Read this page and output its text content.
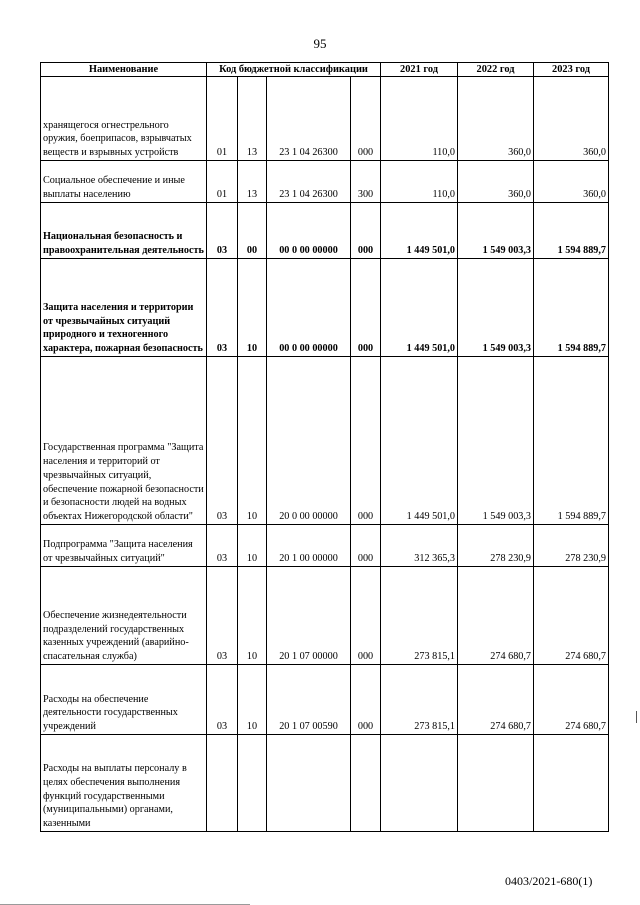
95
Наименование	Код бюджетной классификации				2021 год	2022 год	2023 год
хранящегося огнестрельного оружия, боеприпасов, взрывчатых веществ и взрывных устройств	01	13	23 1 04 26300	000	110,0	360,0	360,0
Социальное обеспечение и иные выплаты населению	01	13	23 1 04 26300	300	110,0	360,0	360,0
Национальная безопасность и правоохранительная деятельность	03	00	00 0 00 00000	000	1 449 501,0	1 549 003,3	1 594 889,7
Защита населения и территории от чрезвычайных ситуаций природного и техногенного характера, пожарная безопасность	03	10	00 0 00 00000	000	1 449 501,0	1 549 003,3	1 594 889,7
Государственная программа "Защита населения и территорий от чрезвычайных ситуаций, обеспечение пожарной безопасности и безопасности людей на водных объектах Нижегородской области"	03	10	20 0 00 00000	000	1 449 501,0	1 549 003,3	1 594 889,7
Подпрограмма "Защита населения от чрезвычайных ситуаций"	03	10	20 1 00 00000	000	312 365,3	278 230,9	278 230,9
Обеспечение жизнедеятельности подразделений государственных казенных учреждений (аварийно-спасательная служба)	03	10	20 1 07 00000	000	273 815,1	274 680,7	274 680,7
Расходы на обеспечение деятельности государственных учреждений	03	10	20 1 07 00590	000	273 815,1	274 680,7	274 680,7
Расходы на выплаты персоналу в целях обеспечения выполнения функций государственными (муниципальными) органами, казенными							
0403/2021-680(1)
